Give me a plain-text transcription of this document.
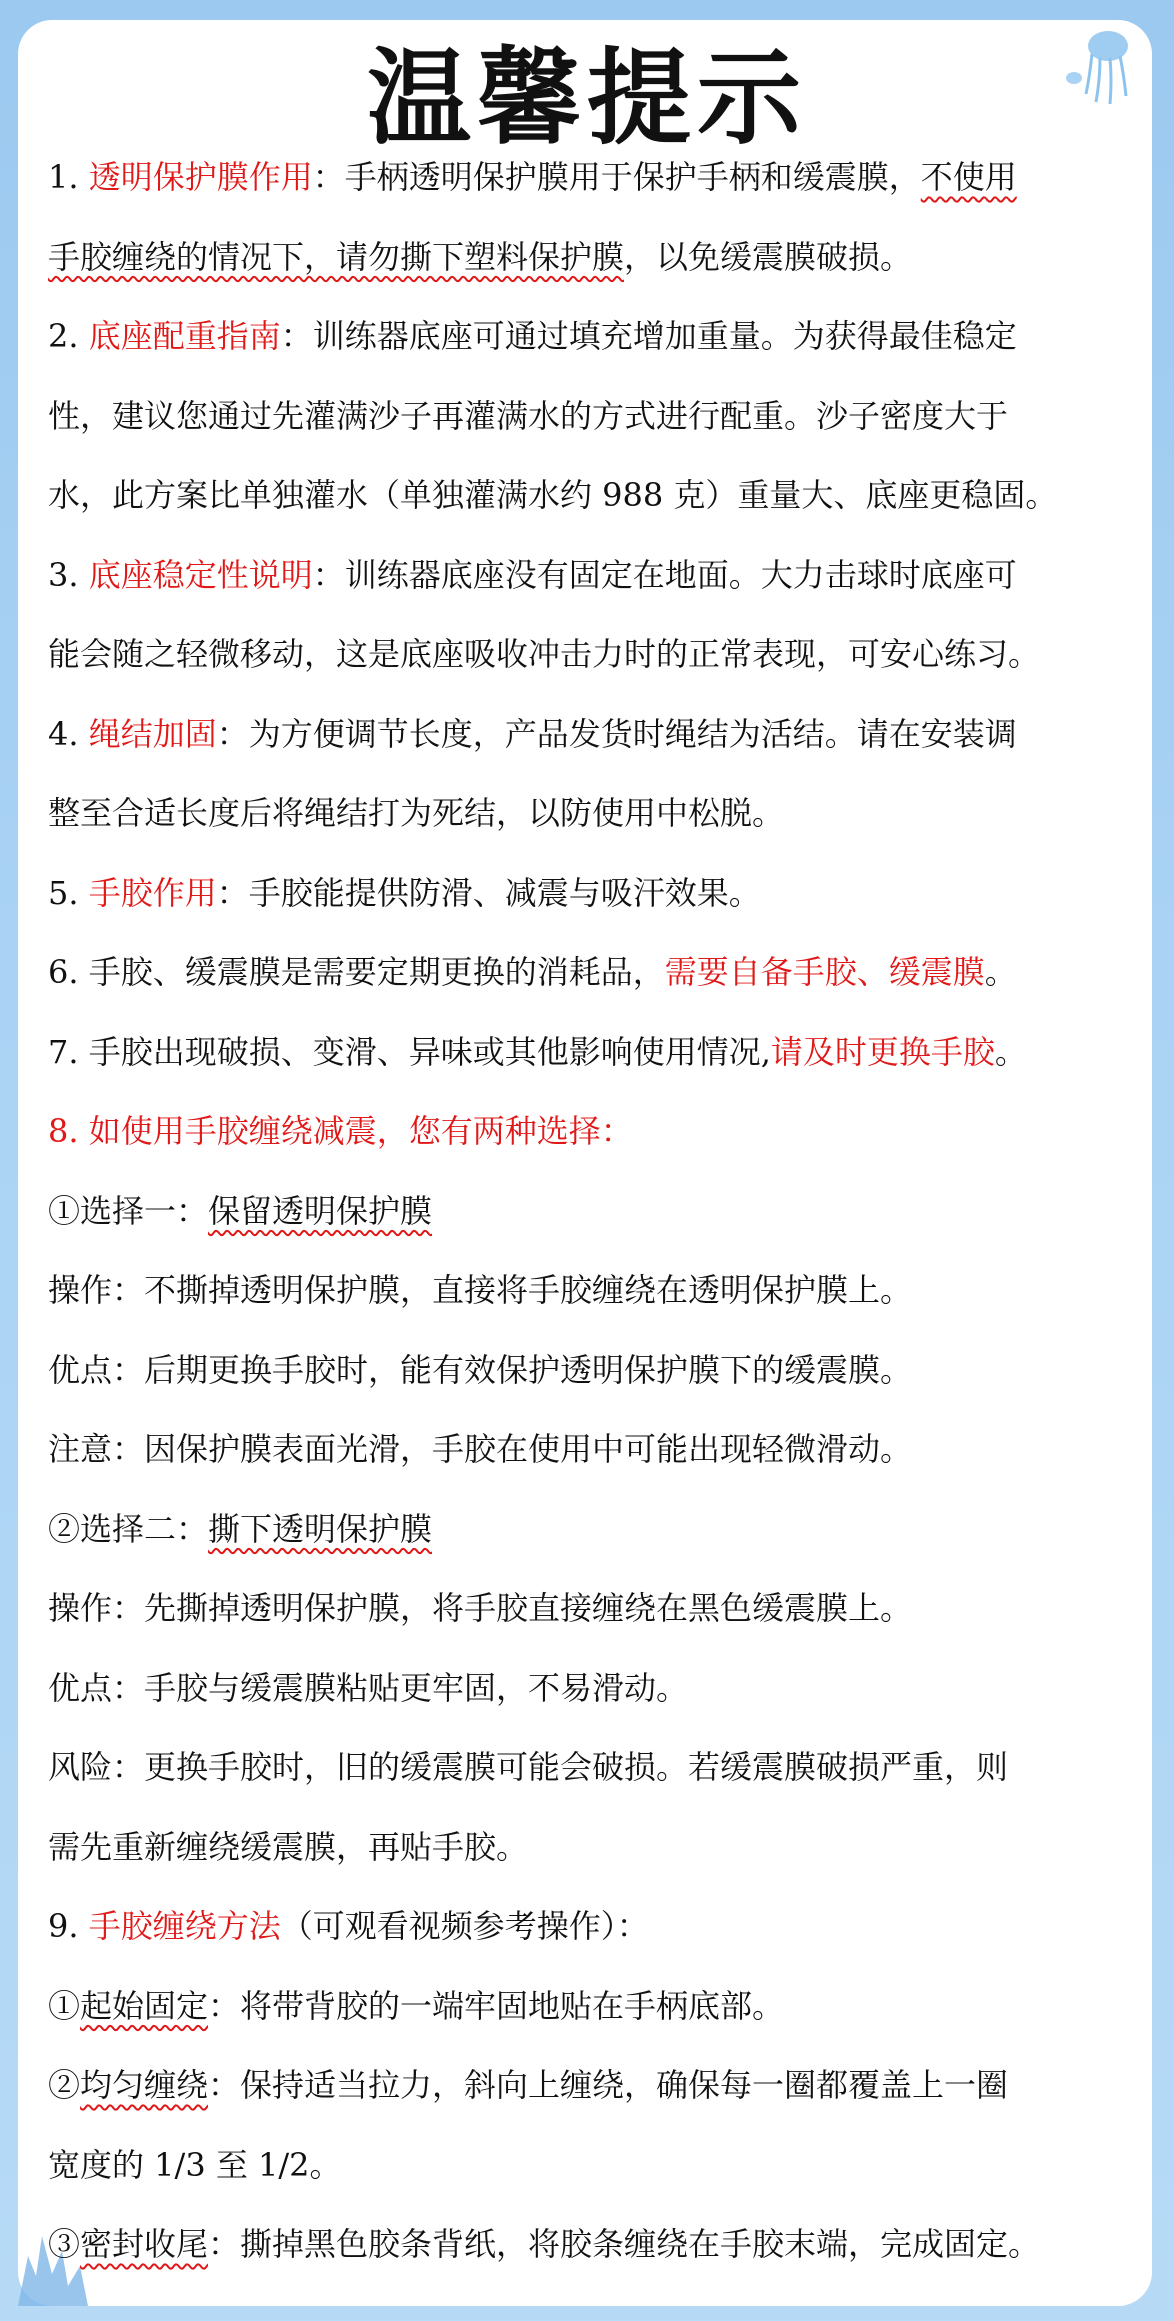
温馨提示
1. 透明保护膜作用：手柄透明保护膜用于保护手柄和缓震膜，不使用
手胶缠绕的情况下，请勿撕下塑料保护膜，以免缓震膜破损。
2. 底座配重指南：训练器底座可通过填充增加重量。为获得最佳稳定
性，建议您通过先灌满沙子再灌满水的方式进行配重。沙子密度大于
水，此方案比单独灌水（单独灌满水约 988 克）重量大、底座更稳固。
3. 底座稳定性说明：训练器底座没有固定在地面。大力击球时底座可
能会随之轻微移动，这是底座吸收冲击力时的正常表现，可安心练习。
4. 绳结加固：为方便调节长度，产品发货时绳结为活结。请在安装调
整至合适长度后将绳结打为死结，以防使用中松脱。
5. 手胶作用：手胶能提供防滑、减震与吸汗效果。
6. 手胶、缓震膜是需要定期更换的消耗品，需要自备手胶、缓震膜。
7. 手胶出现破损、变滑、异味或其他影响使用情况,请及时更换手胶。
8. 如使用手胶缠绕减震，您有两种选择：
①选择一：保留透明保护膜
操作：不撕掉透明保护膜，直接将手胶缠绕在透明保护膜上。
优点：后期更换手胶时，能有效保护透明保护膜下的缓震膜。
注意：因保护膜表面光滑，手胶在使用中可能出现轻微滑动。
②选择二：撕下透明保护膜
操作：先撕掉透明保护膜，将手胶直接缠绕在黑色缓震膜上。
优点：手胶与缓震膜粘贴更牢固，不易滑动。
风险：更换手胶时，旧的缓震膜可能会破损。若缓震膜破损严重，则
需先重新缠绕缓震膜，再贴手胶。
9. 手胶缠绕方法（可观看视频参考操作）：
①起始固定：将带背胶的一端牢固地贴在手柄底部。
②均匀缠绕：保持适当拉力，斜向上缠绕，确保每一圈都覆盖上一圈
宽度的 1/3 至 1/2。
③密封收尾：撕掉黑色胶条背纸，将胶条缠绕在手胶末端，完成固定。
